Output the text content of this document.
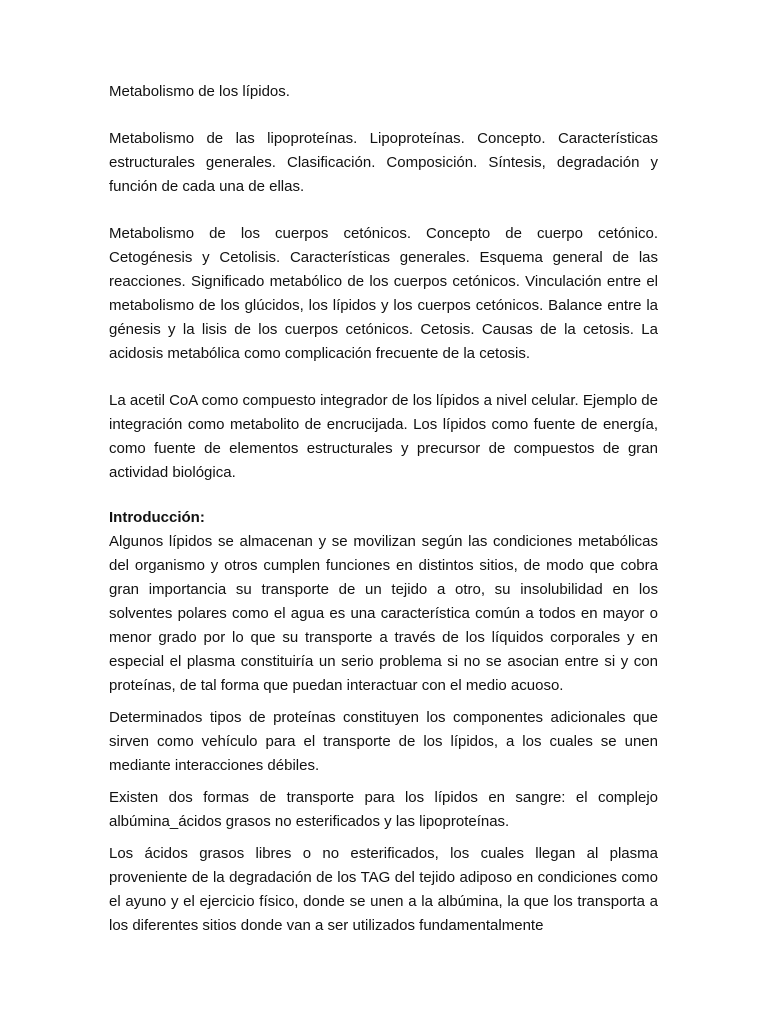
Metabolismo de los lípidos.

Metabolismo de las lipoproteínas. Lipoproteínas. Concepto. Características estructurales generales. Clasificación. Composición. Síntesis, degradación y función de cada una de ellas.

Metabolismo de los cuerpos cetónicos. Concepto de cuerpo cetónico. Cetogénesis y Cetolisis. Características generales. Esquema general de las reacciones. Significado metabólico de los cuerpos cetónicos. Vinculación entre el metabolismo de los glúcidos, los lípidos y los cuerpos cetónicos. Balance entre la génesis y la lisis de los cuerpos cetónicos. Cetosis. Causas de la cetosis. La acidosis metabólica como complicación frecuente de la cetosis.

La acetil CoA como compuesto integrador de los lípidos a nivel celular. Ejemplo de integración como metabolito de encrucijada. Los lípidos como fuente de energía, como fuente de elementos estructurales y precursor de compuestos de gran actividad biológica.

Introducción:

Algunos lípidos se almacenan y se movilizan según las condiciones metabólicas del organismo y otros cumplen funciones en distintos sitios, de modo que cobra gran importancia su transporte de un tejido a otro, su insolubilidad en los solventes polares como el agua es una característica común a todos en mayor o menor grado por lo que su transporte a través de los líquidos corporales y en especial el plasma constituiría un serio problema si no se asocian entre si y con proteínas, de tal forma que puedan interactuar con el medio acuoso.

Determinados tipos de proteínas constituyen los componentes adicionales que sirven como vehículo para el transporte de los lípidos, a los cuales se unen mediante interacciones débiles.

Existen dos formas de transporte para los lípidos en sangre: el complejo albúmina_ácidos grasos no esterificados y las lipoproteínas.

Los ácidos grasos libres o no esterificados, los cuales llegan al plasma proveniente de la degradación de los TAG del tejido adiposo en condiciones como el ayuno y el ejercicio físico, donde se unen a la albúmina, la que los transporta a los diferentes sitios donde van a ser utilizados fundamentalmente
